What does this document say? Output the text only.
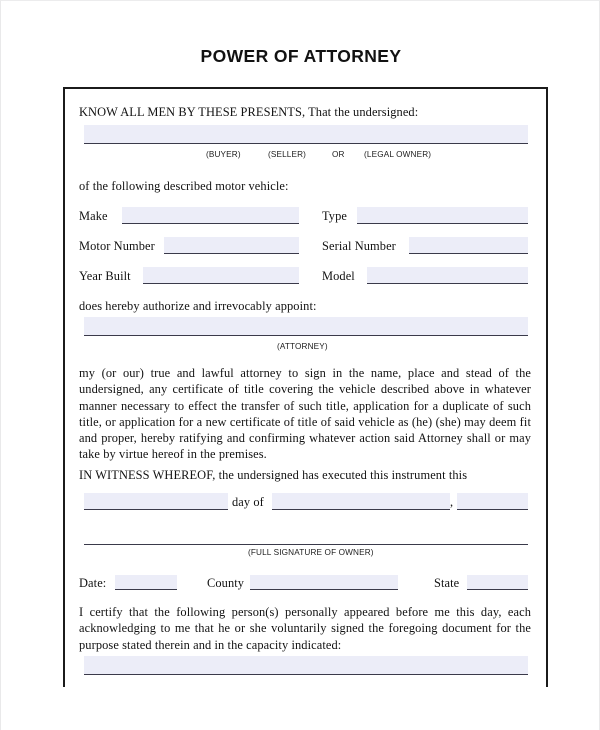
POWER OF ATTORNEY
KNOW ALL MEN BY THESE PRESENTS, That the undersigned:
(BUYER)	(SELLER)	OR (LEGAL OWNER)
of the following described motor vehicle:
Make	Type
Motor Number	Serial Number
Year Built	Model
does hereby authorize and irrevocably appoint:
(ATTORNEY)
my (or our) true and lawful attorney to sign in the name, place and stead of the undersigned, any certificate of title covering the vehicle described above in whatever manner necessary to effect the transfer of such title, application for a duplicate of such title, or application for a new certificate of title of said vehicle as (he) (she) may deem fit and proper, hereby ratifying and confirming whatever action said Attorney shall or may take by virtue hereof in the premises.
IN WITNESS WHEREOF, the undersigned has executed this instrument this
day of	,
(FULL SIGNATURE OF OWNER)
Date:	County	State
I certify that the following person(s) personally appeared before me this day, each acknowledging to me that he or she voluntarily signed the foregoing document for the purpose stated therein and in the capacity indicated:
